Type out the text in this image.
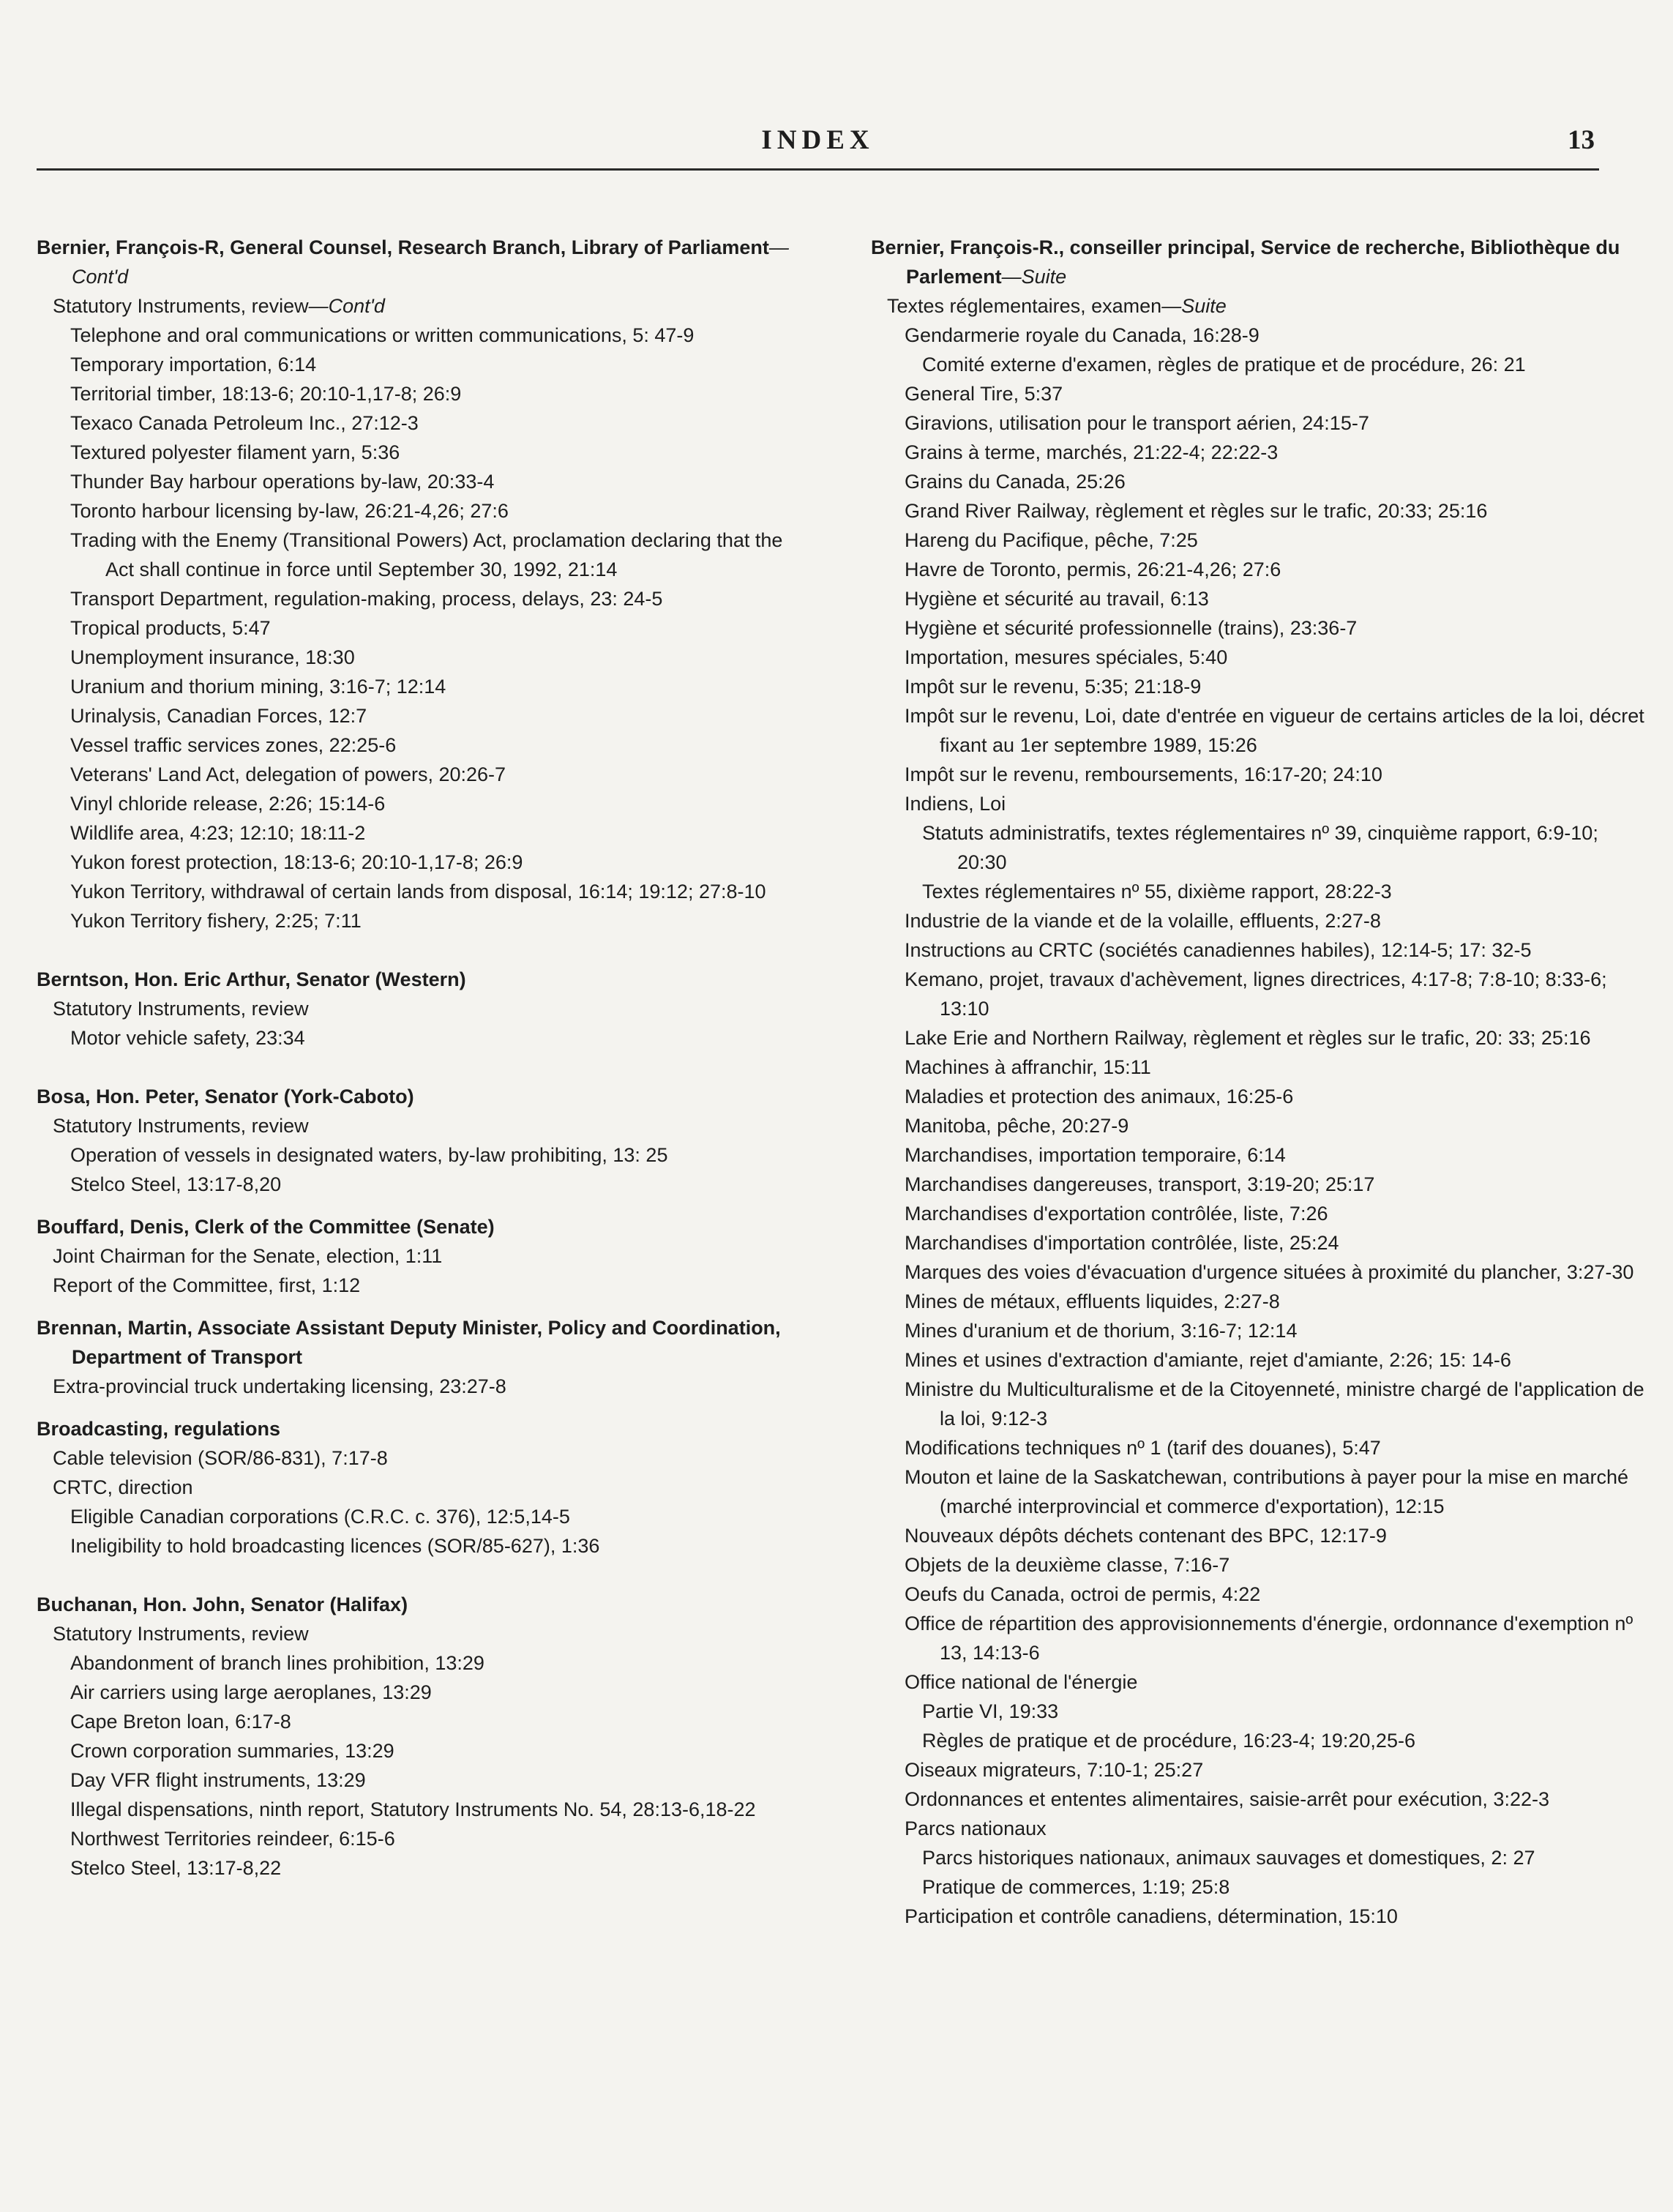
INDEX	13
Bernier, François-R, General Counsel, Research Branch, Library of Parliament—Cont'd
Statutory Instruments, review—Cont'd
Telephone and oral communications or written communications, 5: 47-9
Temporary importation, 6:14
Territorial timber, 18:13-6; 20:10-1,17-8; 26:9
Texaco Canada Petroleum Inc., 27:12-3
Textured polyester filament yarn, 5:36
Thunder Bay harbour operations by-law, 20:33-4
Toronto harbour licensing by-law, 26:21-4,26; 27:6
Trading with the Enemy (Transitional Powers) Act, proclamation declaring that the Act shall continue in force until September 30, 1992, 21:14
Transport Department, regulation-making, process, delays, 23: 24-5
Tropical products, 5:47
Unemployment insurance, 18:30
Uranium and thorium mining, 3:16-7; 12:14
Urinalysis, Canadian Forces, 12:7
Vessel traffic services zones, 22:25-6
Veterans' Land Act, delegation of powers, 20:26-7
Vinyl chloride release, 2:26; 15:14-6
Wildlife area, 4:23; 12:10; 18:11-2
Yukon forest protection, 18:13-6; 20:10-1,17-8; 26:9
Yukon Territory, withdrawal of certain lands from disposal, 16:14; 19:12; 27:8-10
Yukon Territory fishery, 2:25; 7:11
Berntson, Hon. Eric Arthur, Senator (Western)
Statutory Instruments, review
Motor vehicle safety, 23:34
Bosa, Hon. Peter, Senator (York-Caboto)
Statutory Instruments, review
Operation of vessels in designated waters, by-law prohibiting, 13: 25
Stelco Steel, 13:17-8,20
Bouffard, Denis, Clerk of the Committee (Senate)
Joint Chairman for the Senate, election, 1:11
Report of the Committee, first, 1:12
Brennan, Martin, Associate Assistant Deputy Minister, Policy and Coordination, Department of Transport
Extra-provincial truck undertaking licensing, 23:27-8
Broadcasting, regulations
Cable television (SOR/86-831), 7:17-8
CRTC, direction
Eligible Canadian corporations (C.R.C. c. 376), 12:5,14-5
Ineligibility to hold broadcasting licences (SOR/85-627), 1:36
Buchanan, Hon. John, Senator (Halifax)
Statutory Instruments, review
Abandonment of branch lines prohibition, 13:29
Air carriers using large aeroplanes, 13:29
Cape Breton loan, 6:17-8
Crown corporation summaries, 13:29
Day VFR flight instruments, 13:29
Illegal dispensations, ninth report, Statutory Instruments No. 54, 28:13-6,18-22
Northwest Territories reindeer, 6:15-6
Stelco Steel, 13:17-8,22
Bernier, François-R., conseiller principal, Service de recherche, Bibliothèque du Parlement—Suite
Textes réglementaires, examen—Suite
Gendarmerie royale du Canada, 16:28-9
Comité externe d'examen, règles de pratique et de procédure, 26: 21
General Tire, 5:37
Giravions, utilisation pour le transport aérien, 24:15-7
Grains à terme, marchés, 21:22-4; 22:22-3
Grains du Canada, 25:26
Grand River Railway, règlement et règles sur le trafic, 20:33; 25:16
Hareng du Pacifique, pêche, 7:25
Havre de Toronto, permis, 26:21-4,26; 27:6
Hygiène et sécurité au travail, 6:13
Hygiène et sécurité professionnelle (trains), 23:36-7
Importation, mesures spéciales, 5:40
Impôt sur le revenu, 5:35; 21:18-9
Impôt sur le revenu, Loi, date d'entrée en vigueur de certains articles de la loi, décret fixant au 1er septembre 1989, 15:26
Impôt sur le revenu, remboursements, 16:17-20; 24:10
Indiens, Loi
Statuts administratifs, textes réglementaires nº 39, cinquième rapport, 6:9-10; 20:30
Textes réglementaires nº 55, dixième rapport, 28:22-3
Industrie de la viande et de la volaille, effluents, 2:27-8
Instructions au CRTC (sociétés canadiennes habiles), 12:14-5; 17: 32-5
Kemano, projet, travaux d'achèvement, lignes directrices, 4:17-8; 7:8-10; 8:33-6; 13:10
Lake Erie and Northern Railway, règlement et règles sur le trafic, 20: 33; 25:16
Machines à affranchir, 15:11
Maladies et protection des animaux, 16:25-6
Manitoba, pêche, 20:27-9
Marchandises, importation temporaire, 6:14
Marchandises dangereuses, transport, 3:19-20; 25:17
Marchandises d'exportation contrôlée, liste, 7:26
Marchandises d'importation contrôlée, liste, 25:24
Marques des voies d'évacuation d'urgence situées à proximité du plancher, 3:27-30
Mines de métaux, effluents liquides, 2:27-8
Mines d'uranium et de thorium, 3:16-7; 12:14
Mines et usines d'extraction d'amiante, rejet d'amiante, 2:26; 15: 14-6
Ministre du Multiculturalisme et de la Citoyenneté, ministre chargé de l'application de la loi, 9:12-3
Modifications techniques nº 1 (tarif des douanes), 5:47
Mouton et laine de la Saskatchewan, contributions à payer pour la mise en marché (marché interprovincial et commerce d'exportation), 12:15
Nouveaux dépôts déchets contenant des BPC, 12:17-9
Objets de la deuxième classe, 7:16-7
Oeufs du Canada, octroi de permis, 4:22
Office de répartition des approvisionnements d'énergie, ordonnance d'exemption nº 13, 14:13-6
Office national de l'énergie
Partie VI, 19:33
Règles de pratique et de procédure, 16:23-4; 19:20,25-6
Oiseaux migrateurs, 7:10-1; 25:27
Ordonnances et ententes alimentaires, saisie-arrêt pour exécution, 3:22-3
Parcs nationaux
Parcs historiques nationaux, animaux sauvages et domestiques, 2: 27
Pratique de commerces, 1:19; 25:8
Participation et contrôle canadiens, détermination, 15:10
